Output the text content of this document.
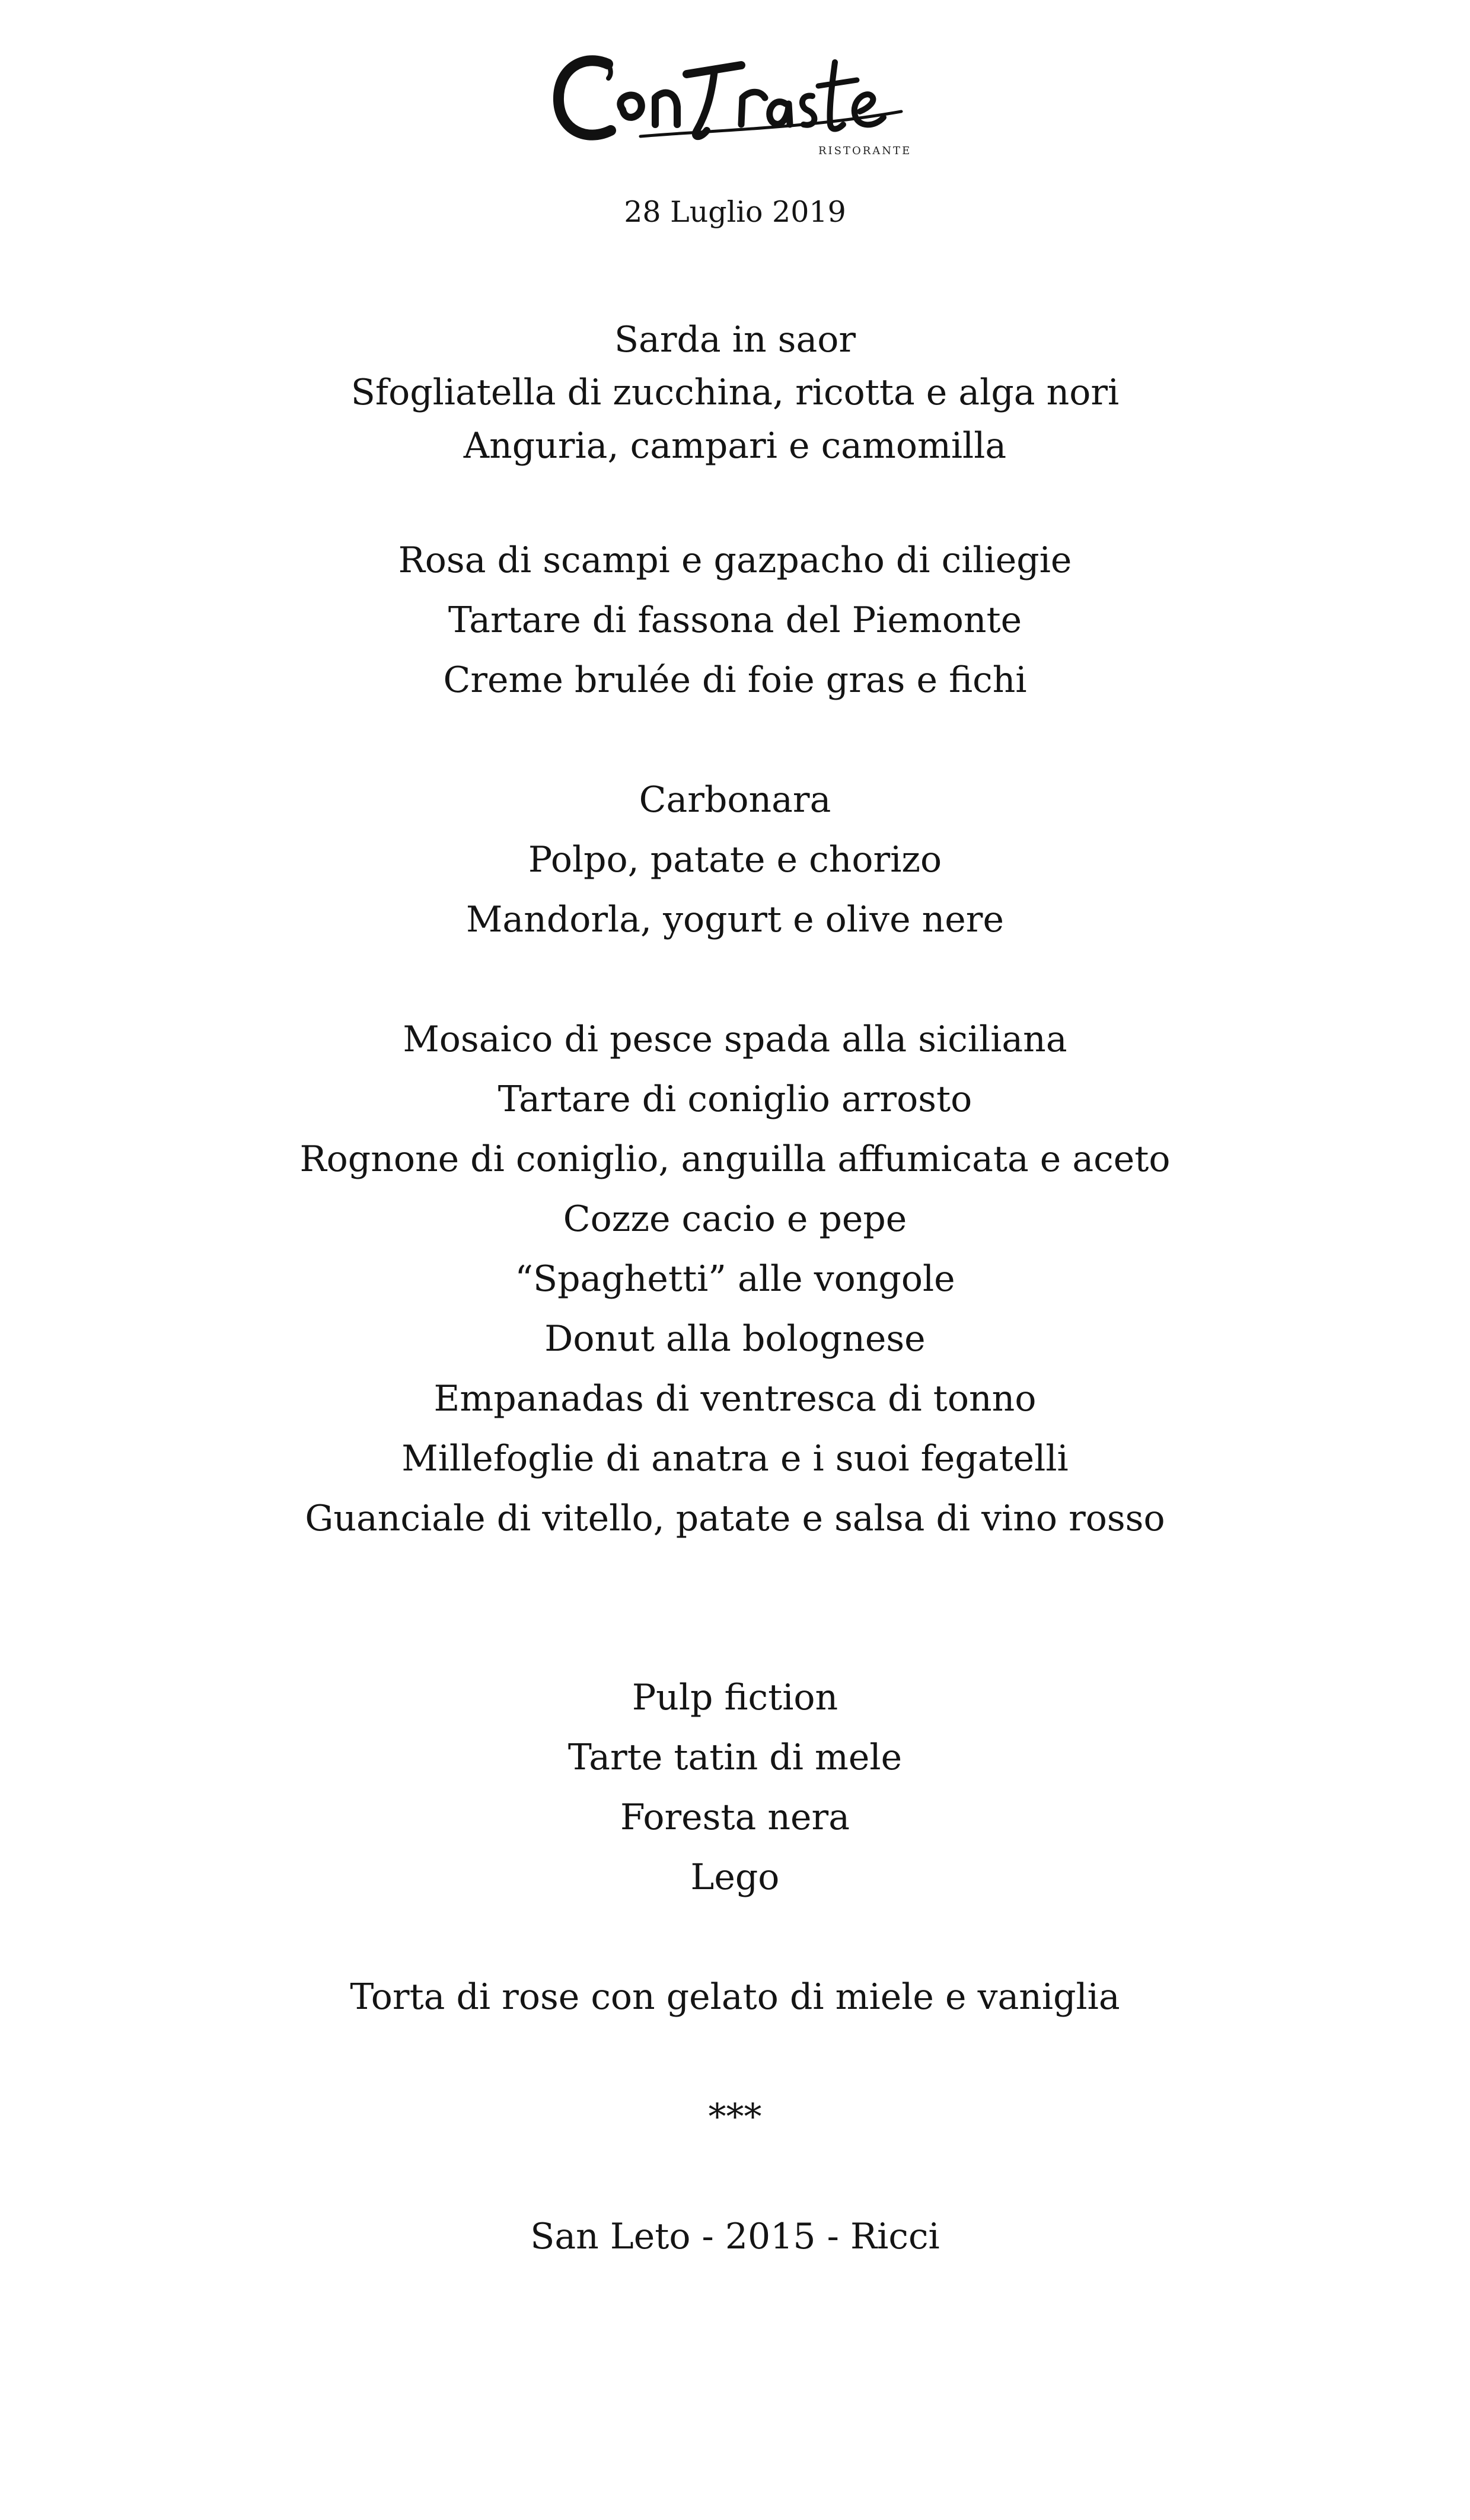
RISTORANTE
28 Luglio 2019
Sarda in saor
Sfogliatella di zucchina, ricotta e alga nori
Anguria, campari e camomilla
Rosa di scampi e gazpacho di ciliegie
Tartare di fassona del Piemonte
Creme brulée di foie gras e fichi
Carbonara
Polpo, patate e chorizo
Mandorla, yogurt e olive nere
Mosaico di pesce spada alla siciliana
Tartare di coniglio arrosto
Rognone di coniglio, anguilla affumicata e aceto
Cozze cacio e pepe
“Spaghetti” alle vongole
Donut alla bolognese
Empanadas di ventresca di tonno
Millefoglie di anatra e i suoi fegatelli
Guanciale di vitello, patate e salsa di vino rosso
Pulp fiction
Tarte tatin di mele
Foresta nera
Lego
Torta di rose con gelato di miele e vaniglia
***
San Leto - 2015 - Ricci
